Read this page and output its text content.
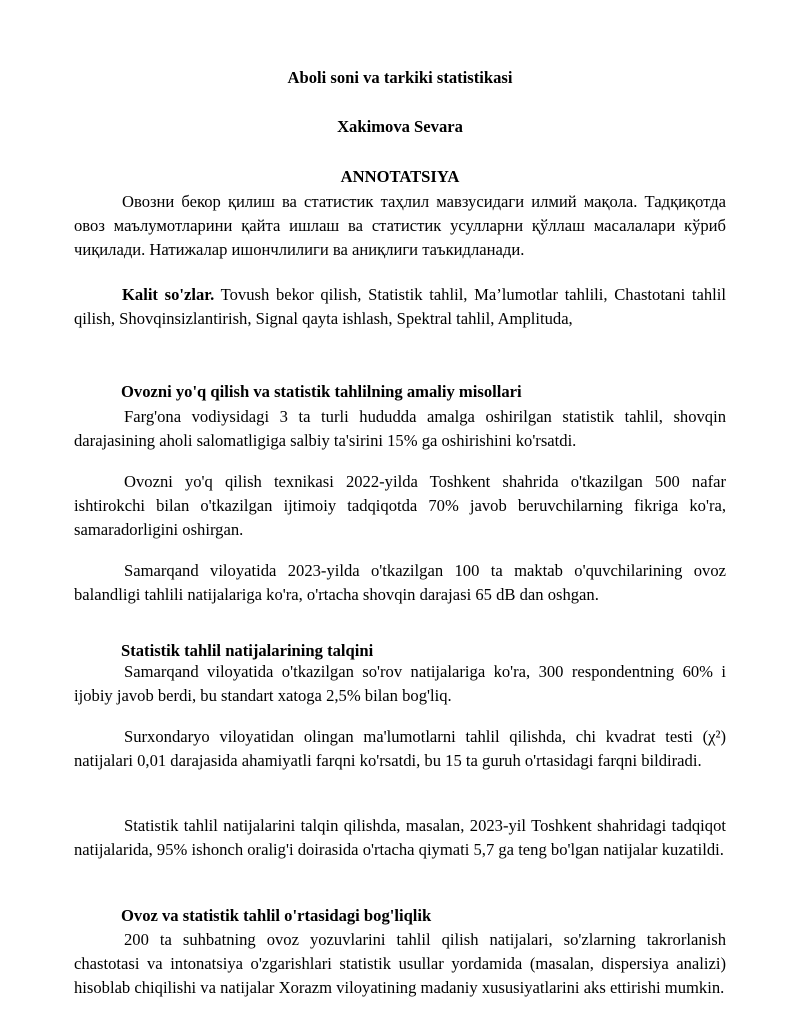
Aboli soni va tarkiki statistikasi

Xakimova Sevara

ANNOTATSIYA

Овозни бекор қилиш ва статистик таҳлил мавзусидаги илмий мақола. Тадқиқотда овоз маълумотларини қайта ишлаш ва статистик усулларни қўллаш масалалари кўриб чиқилади. Натижалар ишончлилиги ва аниқлиги таъкидланади.

Kalit so'zlar. Tovush bekor qilish, Statistik tahlil, Ma’lumotlar tahlili, Chastotani tahlil qilish, Shovqinsizlantirish, Signal qayta ishlash, Spektral tahlil, Amplituda,

Ovozni yo'q qilish va statistik tahlilning amaliy misollari

Farg'ona vodiysidagi 3 ta turli hududda amalga oshirilgan statistik tahlil, shovqin darajasining aholi salomatligiga salbiy ta'sirini 15% ga oshirishini ko'rsatdi.

Ovozni yo'q qilish texnikasi 2022-yilda Toshkent shahrida o'tkazilgan 500 nafar ishtirokchi bilan o'tkazilgan ijtimoiy tadqiqotda 70% javob beruvchilarning fikriga ko'ra, samaradorligini oshirgan.

Samarqand viloyatida 2023-yilda o'tkazilgan 100 ta maktab o'quvchilarining ovoz balandligi tahlili natijalariga ko'ra, o'rtacha shovqin darajasi 65 dB dan oshgan.

Statistik tahlil natijalarining talqini

Samarqand viloyatida o'tkazilgan so'rov natijalariga ko'ra, 300 respondentning 60% i ijobiy javob berdi, bu standart xatoga 2,5% bilan bog'liq.

Surxondaryo viloyatidan olingan ma'lumotlarni tahlil qilishda, chi kvadrat testi (χ²) natijalari 0,01 darajasida ahamiyatli farqni ko'rsatdi, bu 15 ta guruh o'rtasidagi farqni bildiradi.

Statistik tahlil natijalarini talqin qilishda, masalan, 2023-yil Toshkent shahridagi tadqiqot natijalarida, 95% ishonch oralig'i doirasida o'rtacha qiymati 5,7 ga teng bo'lgan natijalar kuzatildi.

Ovoz va statistik tahlil o'rtasidagi bog'liqlik

200 ta suhbatning ovoz yozuvlarini tahlil qilish natijalari, so'zlarning takrorlanish chastotasi va intonatsiya o'zgarishlari statistik usullar yordamida (masalan, dispersiya analizi) hisoblab chiqilishi va natijalar Xorazm viloyatining madaniy xususiyatlarini aks ettirishi mumkin.
